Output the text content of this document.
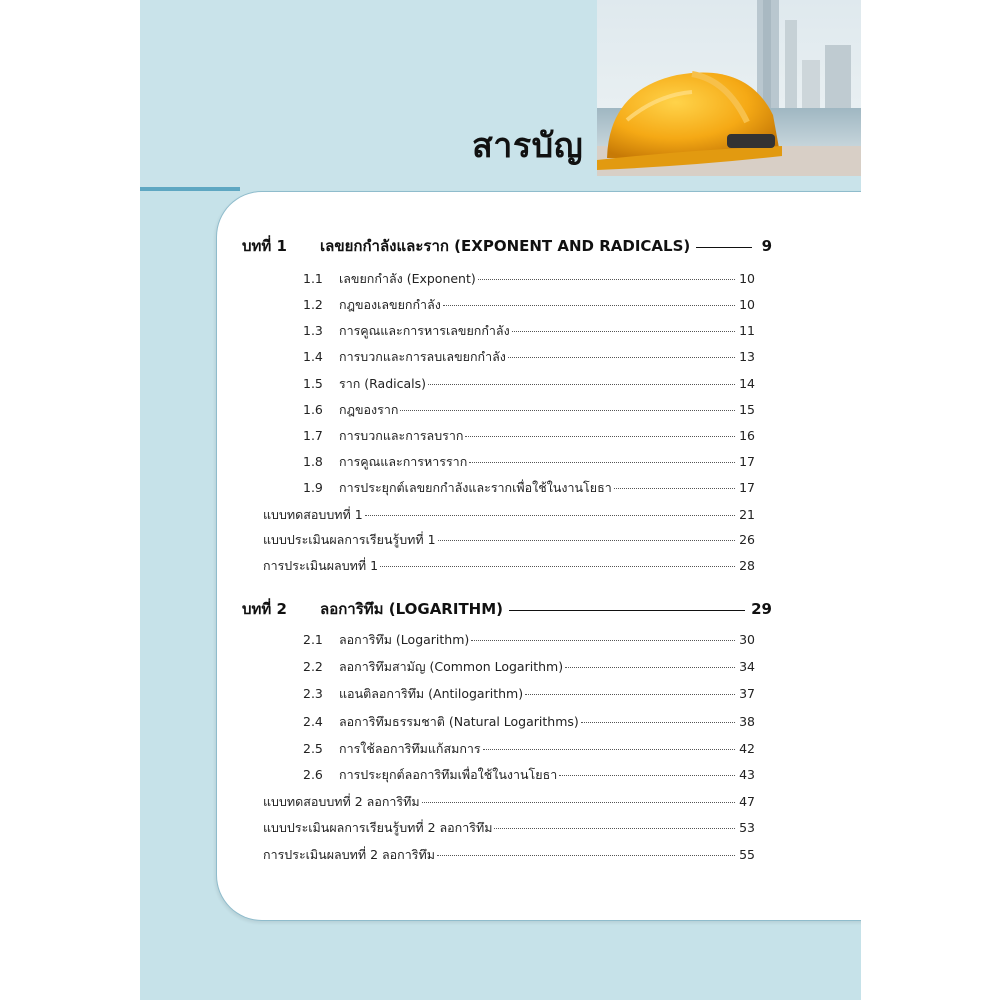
สารบัญ
บทที่ 1	เลขยกกำลังและราก (EXPONENT AND RADICALS)	9
1.1	เลขยกกำลัง (Exponent)	10
1.2	กฎของเลขยกกำลัง	10
1.3	การคูณและการหารเลขยกกำลัง	11
1.4	การบวกและการลบเลขยกกำลัง	13
1.5	ราก (Radicals)	14
1.6	กฎของราก	15
1.7	การบวกและการลบราก	16
1.8	การคูณและการหารราก	17
1.9	การประยุกต์เลขยกกำลังและรากเพื่อใช้ในงานโยธา	17
แบบทดสอบบทที่ 1	21
แบบประเมินผลการเรียนรู้บทที่ 1	26
การประเมินผลบทที่ 1	28
บทที่ 2	ลอการิทึม (LOGARITHM)	29
2.1	ลอการิทึม (Logarithm)	30
2.2	ลอการิทึมสามัญ (Common Logarithm)	34
2.3	แอนติลอการิทึม (Antilogarithm)	37
2.4	ลอการิทึมธรรมชาติ (Natural Logarithms)	38
2.5	การใช้ลอการิทึมแก้สมการ	42
2.6	การประยุกต์ลอการิทึมเพื่อใช้ในงานโยธา	43
แบบทดสอบบทที่ 2 ลอการิทึม	47
แบบประเมินผลการเรียนรู้บทที่ 2 ลอการิทึม	53
การประเมินผลบทที่ 2 ลอการิทึม	55
